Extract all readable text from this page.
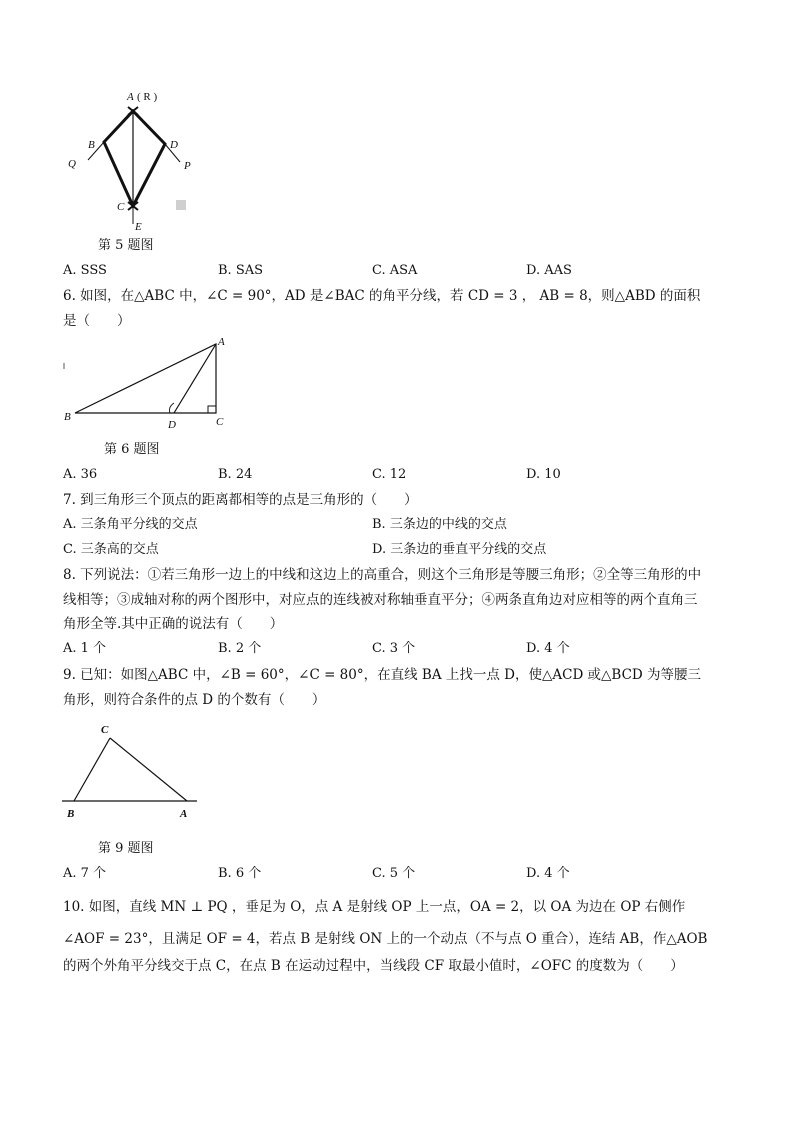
A ( R )
B	D
Q	P
C
E
第 5 题图
A. SSS	B. SAS	C. ASA	D. AAS
6. 如图，在△ABC 中，∠C = 90°，AD 是∠BAC 的角平分线，若 CD = 3 ， AB = 8，则△ABD 的面积
是（　　）
A
B
D	C
第 6 题图
A. 36	B. 24	C. 12	D. 10
7. 到三角形三个顶点的距离都相等的点是三角形的（　　）
A. 三条角平分线的交点	B. 三条边的中线的交点
C. 三条高的交点	D. 三条边的垂直平分线的交点
8. 下列说法：①若三角形一边上的中线和这边上的高重合，则这个三角形是等腰三角形；②全等三角形的中
线相等；③成轴对称的两个图形中，对应点的连线被对称轴垂直平分；④两条直角边对应相等的两个直角三
角形全等.其中正确的说法有（　　）
A. 1 个	B. 2 个	C. 3 个	D. 4 个
9. 已知：如图△ABC 中，∠B = 60°，∠C = 80°，在直线 BA 上找一点 D，使△ACD 或△BCD 为等腰三
角形，则符合条件的点 D 的个数有（　　）
C
B	A
第 9 题图
A. 7 个	B. 6 个	C. 5 个	D. 4 个
10. 如图，直线 MN ⊥ PQ ，垂足为 O，点 A 是射线 OP 上一点，OA = 2，以 OA 为边在 OP 右侧作
∠AOF = 23°，且满足 OF = 4，若点 B 是射线 ON 上的一个动点（不与点 O 重合），连结 AB，作△AOB
的两个外角平分线交于点 C，在点 B 在运动过程中，当线段 CF 取最小值时，∠OFC 的度数为（　　）
